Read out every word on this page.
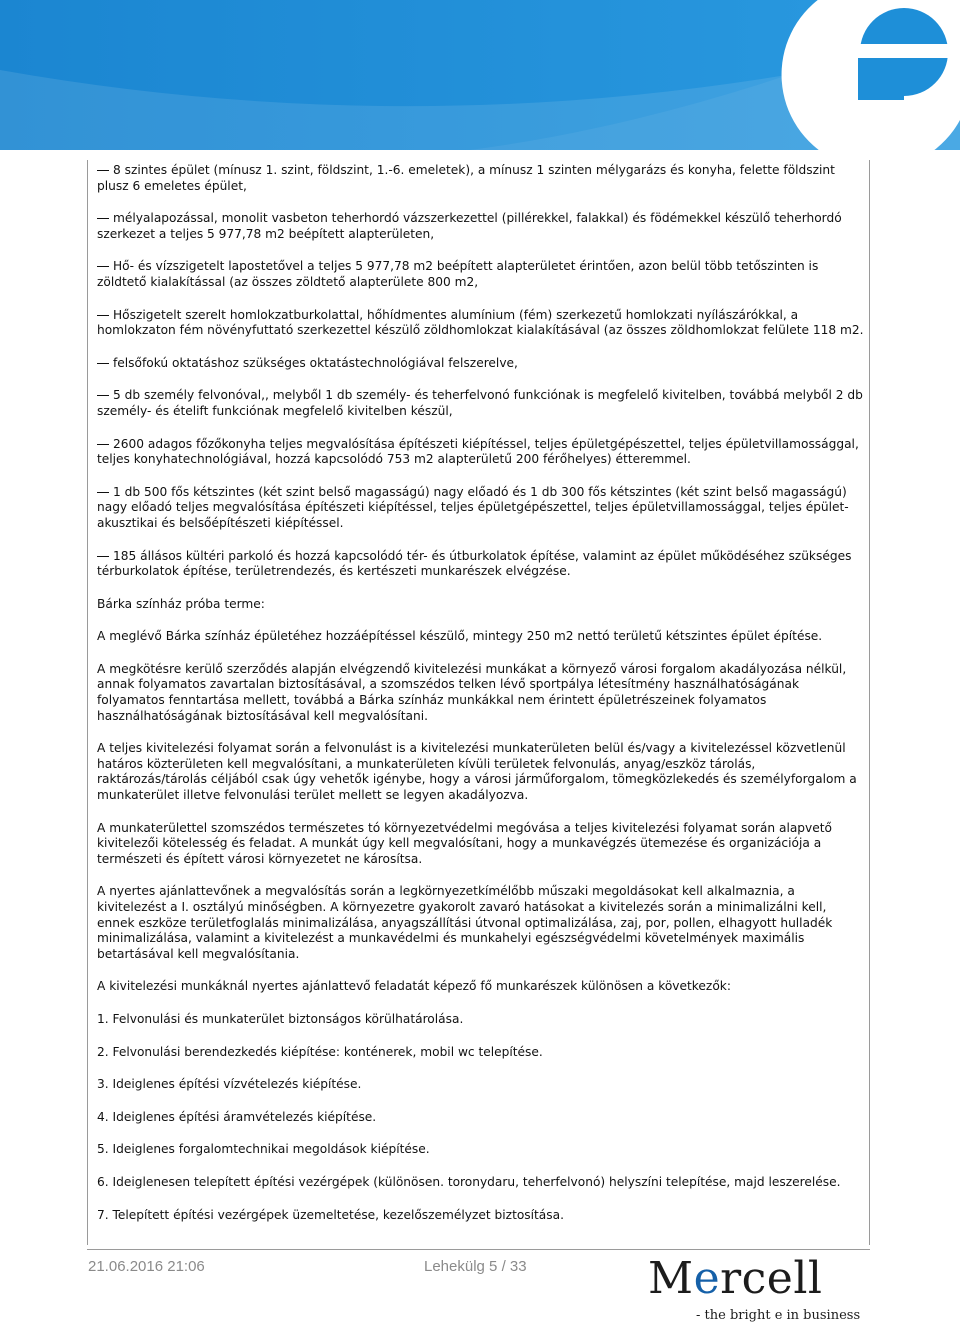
8 szintes épület (mínusz 1. szint, földszint, 1.-6. emeletek), a mínusz 1 szinten mélygarázs és konyha, felette földszint plusz 6 emeletes épület,

mélyalapozással, monolit vasbeton teherhordó vázszerkezettel (pillérekkel, falakkal) és födémekkel készülő teherhordó szerkezet a teljes 5 977,78 m2 beépített alapterületen,

Hő- és vízszigetelt lapostetővel a teljes 5 977,78 m2 beépített alapterületet érintően, azon belül több tetőszinten is zöldtető kialakítással (az összes zöldtető alapterülete 800 m2,

Hőszigetelt szerelt homlokzatburkolattal, hőhídmentes alumínium (fém) szerkezetű homlokzati nyílászárókkal, a homlokzaton fém növényfuttató szerkezettel készülő zöldhomlokzat kialakításával (az összes zöldhomlokzat felülete 118 m2.

felsőfokú oktatáshoz szükséges oktatástechnológiával felszerelve,

5 db személy felvonóval,, melyből 1 db személy- és teherfelvonó funkciónak is megfelelő kivitelben, továbbá melyből 2 db személy- és ételift funkciónak megfelelő kivitelben készül,

2600 adagos főzőkonyha teljes megvalósítása építészeti kiépítéssel, teljes épületgépészettel, teljes épületvillamossággal, teljes konyhatechnológiával, hozzá kapcsolódó 753 m2 alapterületű 200 férőhelyes) étteremmel.

1 db 500 fős kétszintes (két szint belső magasságú) nagy előadó és 1 db 300 fős kétszintes (két szint belső magasságú) nagy előadó teljes megvalósítása építészeti kiépítéssel, teljes épületgépészettel, teljes épületvillamossággal, teljes épület-akusztikai és belsőépítészeti kiépítéssel.

185 állásos kültéri parkoló és hozzá kapcsolódó tér- és útburkolatok építése, valamint az épület működéséhez szükséges térburkolatok építése, területrendezés, és kertészeti munkarészek elvégzése.

Bárka színház próba terme:

A meglévő Bárka színház épületéhez hozzáépítéssel készülő, mintegy 250 m2 nettó területű kétszintes épület építése.

A megkötésre kerülő szerződés alapján elvégzendő kivitelezési munkákat a környező városi forgalom akadályozása nélkül, annak folyamatos zavartalan biztosításával, a szomszédos telken lévő sportpálya létesítmény használhatóságának folyamatos fenntartása mellett, továbbá a Bárka színház munkákkal nem érintett épületrészeinek folyamatos használhatóságának biztosításával kell megvalósítani.

A teljes kivitelezési folyamat során a felvonulást is a kivitelezési munkaterületen belül és/vagy a kivitelezéssel közvetlenül határos közterületen kell megvalósítani, a munkaterületen kívüli területek felvonulás, anyag/eszköz tárolás, raktározás/tárolás céljából csak úgy vehetők igénybe, hogy a városi járműforgalom, tömegközlekedés és személyforgalom a munkaterület illetve felvonulási terület mellett se legyen akadályozva.

A munkaterülettel szomszédos természetes tó környezetvédelmi megóvása a teljes kivitelezési folyamat során alapvető kivitelezői kötelesség és feladat. A munkát úgy kell megvalósítani, hogy a munkavégzés ütemezése és organizációja a természeti és épített városi környezetet ne károsítsa.

A nyertes ajánlattevőnek a megvalósítás során a legkörnyezetkímélőbb műszaki megoldásokat kell alkalmaznia, a kivitelezést a I. osztályú minőségben. A környezetre gyakorolt zavaró hatásokat a kivitelezés során a minimalizálni kell, ennek eszköze területfoglalás minimalizálása, anyagszállítási útvonal optimalizálása, zaj, por, pollen, elhagyott hulladék minimalizálása, valamint a kivitelezést a munkavédelmi és munkahelyi egészségvédelmi követelmények maximális betartásával kell megvalósítania.

A kivitelezési munkáknál nyertes ajánlattevő feladatát képező fő munkarészek különösen a következők:

1. Felvonulási és munkaterület biztonságos körülhatárolása.

2. Felvonulási berendezkedés kiépítése: konténerek, mobil wc telepítése.

3. Ideiglenes építési vízvételezés kiépítése.

4. Ideiglenes építési áramvételezés kiépítése.

5. Ideiglenes forgalomtechnikai megoldások kiépítése.

6. Ideiglenesen telepített építési vezérgépek (különösen. toronydaru, teherfelvonó) helyszíni telepítése, majd leszerelése.

7. Telepített építési vezérgépek üzemeltetése, kezelőszemélyzet biztosítása.

21.06.2016 21:06	Lehekülg 5 / 33	Mercell
- the bright e in business
